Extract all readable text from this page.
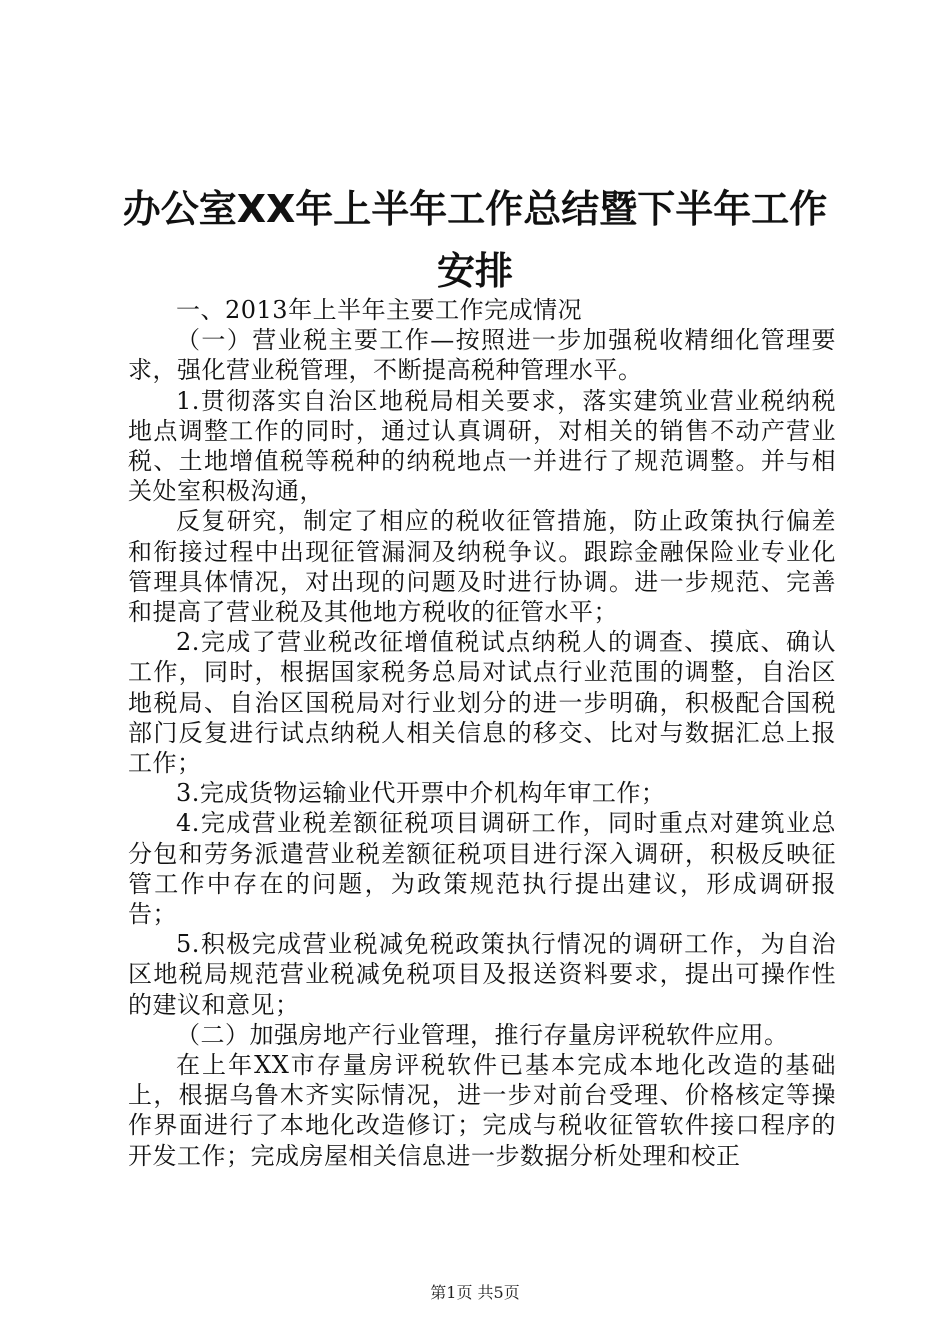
办公室XX年上半年工作总结暨下半年工作安排

一、2013年上半年主要工作完成情况

（一）营业税主要工作—按照进一步加强税收精细化管理要求，强化营业税管理，不断提高税种管理水平。

1.贯彻落实自治区地税局相关要求，落实建筑业营业税纳税地点调整工作的同时，通过认真调研，对相关的销售不动产营业税、土地增值税等税种的纳税地点一并进行了规范调整。并与相关处室积极沟通，

反复研究，制定了相应的税收征管措施，防止政策执行偏差和衔接过程中出现征管漏洞及纳税争议。跟踪金融保险业专业化管理具体情况，对出现的问题及时进行协调。进一步规范、完善和提高了营业税及其他地方税收的征管水平；

2.完成了营业税改征增值税试点纳税人的调查、摸底、确认工作，同时，根据国家税务总局对试点行业范围的调整，自治区地税局、自治区国税局对行业划分的进一步明确，积极配合国税部门反复进行试点纳税人相关信息的移交、比对与数据汇总上报工作；

3.完成货物运输业代开票中介机构年审工作；

4.完成营业税差额征税项目调研工作，同时重点对建筑业总分包和劳务派遣营业税差额征税项目进行深入调研，积极反映征管工作中存在的问题，为政策规范执行提出建议，形成调研报告；

5.积极完成营业税减免税政策执行情况的调研工作，为自治区地税局规范营业税减免税项目及报送资料要求，提出可操作性的建议和意见；

（二）加强房地产行业管理，推行存量房评税软件应用。

在上年XX市存量房评税软件已基本完成本地化改造的基础上，根据乌鲁木齐实际情况，进一步对前台受理、价格核定等操作界面进行了本地化改造修订；完成与税收征管软件接口程序的开发工作；完成房屋相关信息进一步数据分析处理和校正

第1页 共5页
